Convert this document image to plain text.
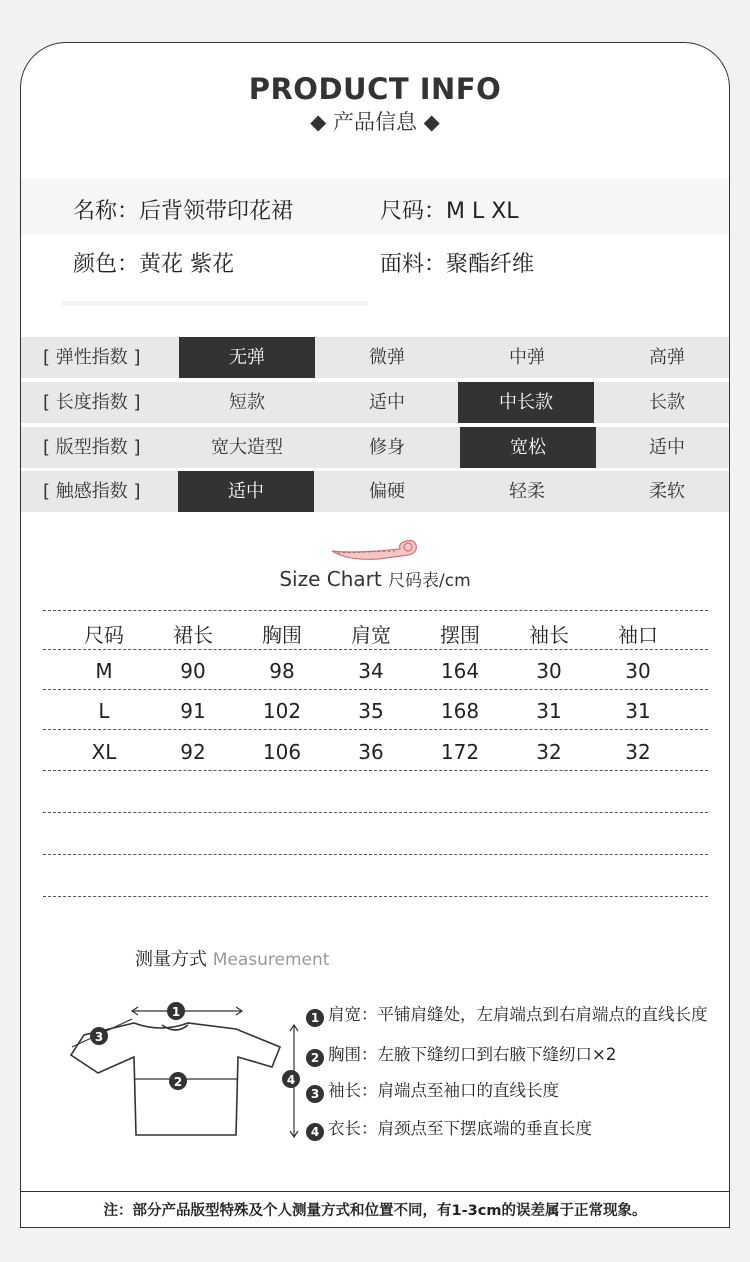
PRODUCT INFO
◆ 产品信息 ◆
名称：后背领带印花裙	尺码：M L XL
颜色：黄花 紫花	面料：聚酯纤维
[ 弹性指数 ]	无弹	微弹	中弹	高弹
[ 长度指数 ]	短款	适中	中长款	长款
[ 版型指数 ]	宽大造型	修身	宽松	适中
[ 触感指数 ]	适中	偏硬	轻柔	柔软
Size Chart 尺码表/cm
尺码	裙长	胸围	肩宽	摆围	袖长	袖口
M	90	98	34	164	30	30
L	91	102	35	168	31	31
XL	92	106	36	172	32	32
测量方式 Measurement
1
2
3
4
1 肩宽：平铺肩缝处，左肩端点到右肩端点的直线长度
2 胸围：左腋下缝纫口到右腋下缝纫口×2
3 袖长：肩端点至袖口的直线长度
4 衣长：肩颈点至下摆底端的垂直长度
注：部分产品版型特殊及个人测量方式和位置不同，有1-3cm的误差属于正常现象。
